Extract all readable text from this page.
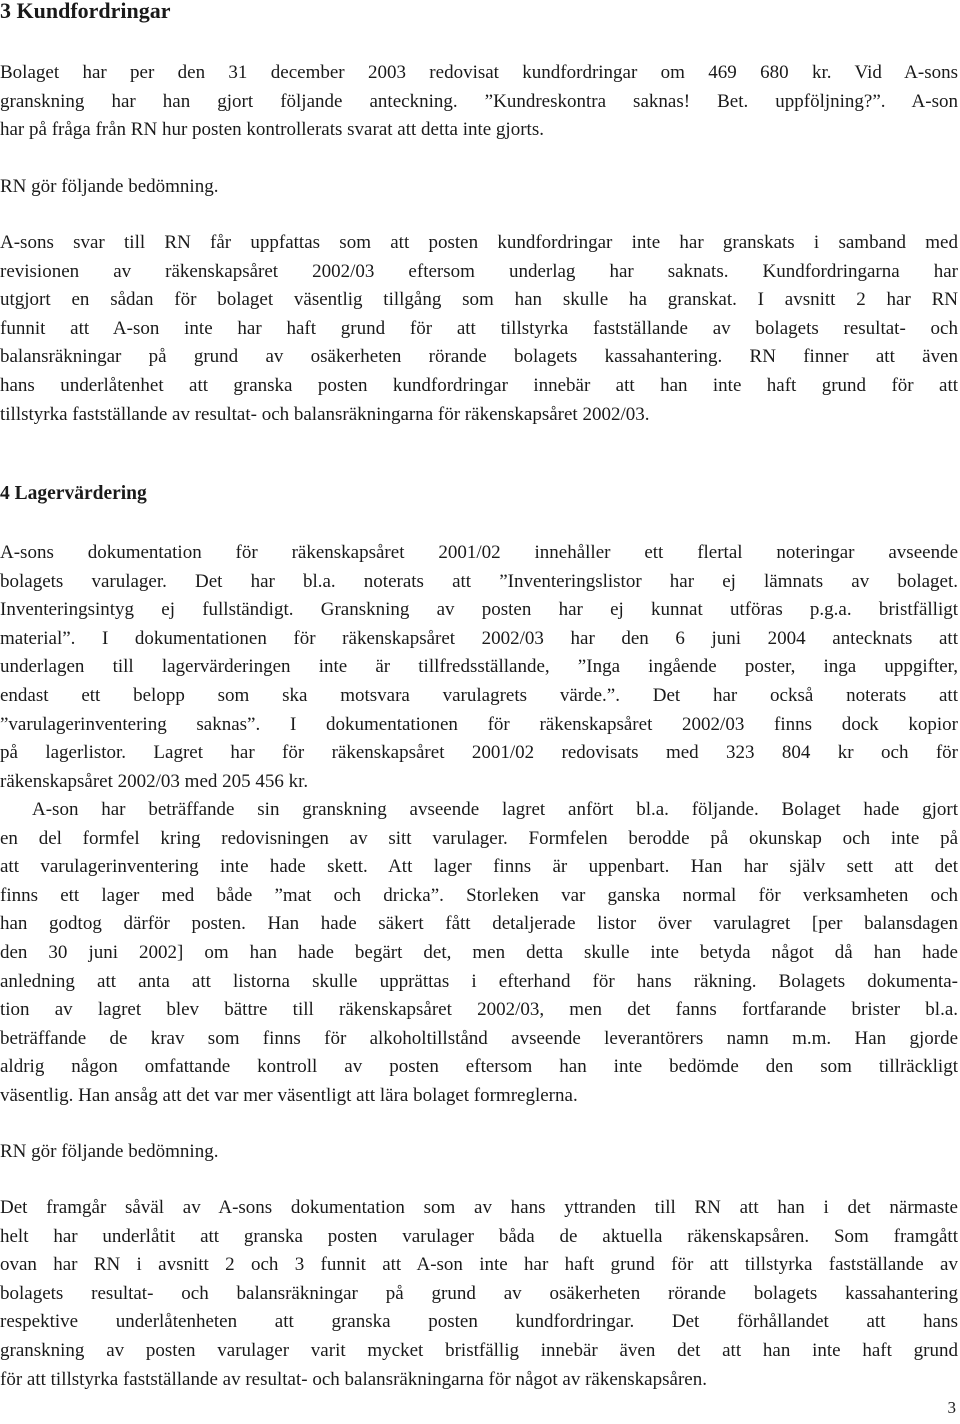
3 Kundfordringar
Bolaget har per den 31 december 2003 redovisat kundfordringar om 469 680 kr. Vid A-sons
granskning har han gjort följande anteckning. ”Kundreskontra saknas! Bet. uppföljning?”. A-son
har på fråga från RN hur posten kontrollerats svarat att detta inte gjorts.
RN gör följande bedömning.
A-sons svar till RN får uppfattas som att posten kundfordringar inte har granskats i samband med
revisionen av räkenskapsåret 2002/03 eftersom underlag har saknats. Kundfordringarna har
utgjort en sådan för bolaget väsentlig tillgång som han skulle ha granskat. I avsnitt 2 har RN
funnit att A-son inte har haft grund för att tillstyrka fastställande av bolagets resultat- och
balansräkningar på grund av osäkerheten rörande bolagets kassahantering. RN finner att även
hans underlåtenhet att granska posten kundfordringar innebär att han inte haft grund för att
tillstyrka fastställande av resultat- och balansräkningarna för räkenskapsåret 2002/03.
4 Lagervärdering
A-sons dokumentation för räkenskapsåret 2001/02 innehåller ett flertal noteringar avseende
bolagets varulager. Det har bl.a. noterats att ”Inventeringslistor har ej lämnats av bolaget.
Inventeringsintyg ej fullständigt. Granskning av posten har ej kunnat utföras p.g.a. bristfälligt
material”. I dokumentationen för räkenskapsåret 2002/03 har den 6 juni 2004 antecknats att
underlagen till lagervärderingen inte är tillfredsställande, ”Inga ingående poster, inga uppgifter,
endast ett belopp som ska motsvara varulagrets värde.”. Det har också noterats att
”varulagerinventering saknas”. I dokumentationen för räkenskapsåret 2002/03 finns dock kopior
på lagerlistor. Lagret har för räkenskapsåret 2001/02 redovisats med 323 804 kr och för
räkenskapsåret 2002/03 med 205 456 kr.
A-son har beträffande sin granskning avseende lagret anfört bl.a. följande. Bolaget hade gjort
en del formfel kring redovisningen av sitt varulager. Formfelen berodde på okunskap och inte på
att varulagerinventering inte hade skett. Att lager finns är uppenbart. Han har själv sett att det
finns ett lager med både ”mat och dricka”. Storleken var ganska normal för verksamheten och
han godtog därför posten. Han hade säkert fått detaljerade listor över varulagret [per balansdagen
den 30 juni 2002] om han hade begärt det, men detta skulle inte betyda något då han hade
anledning att anta att listorna skulle upprättas i efterhand för hans räkning. Bolagets dokumenta-
tion av lagret blev bättre till räkenskapsåret 2002/03, men det fanns fortfarande brister bl.a.
beträffande de krav som finns för alkoholtillstånd avseende leverantörers namn m.m. Han gjorde
aldrig någon omfattande kontroll av posten eftersom han inte bedömde den som tillräckligt
väsentlig. Han ansåg att det var mer väsentligt att lära bolaget formreglerna.
RN gör följande bedömning.
Det framgår såväl av A-sons dokumentation som av hans yttranden till RN att han i det närmaste
helt har underlåtit att granska posten varulager båda de aktuella räkenskapsåren. Som framgått
ovan har RN i avsnitt 2 och 3 funnit att A-son inte har haft grund för att tillstyrka fastställande av
bolagets resultat- och balansräkningar på grund av osäkerheten rörande bolagets kassahantering
respektive underlåtenheten att granska posten kundfordringar. Det förhållandet att hans
granskning av posten varulager varit mycket bristfällig innebär även det att han inte haft grund
för att tillstyrka fastställande av resultat- och balansräkningarna för något av räkenskapsåren.
3
